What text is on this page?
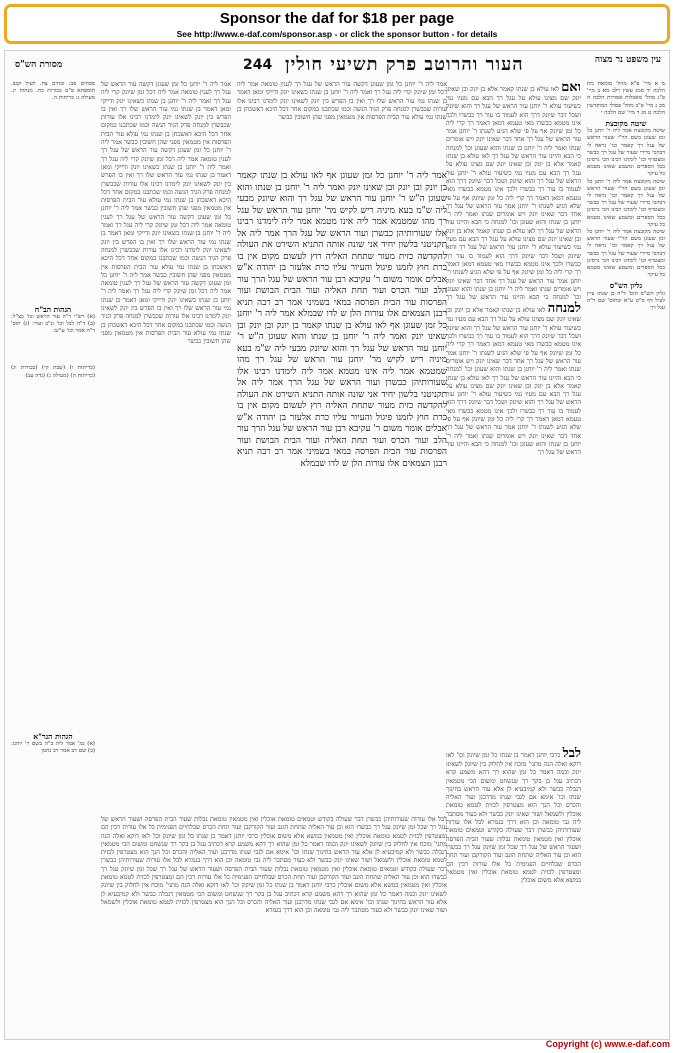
Sponsor the daf for $18 per page
See http://www.e-daf.com/sponsor.asp - or click the sponsor button - for details
עין משפט נר מצוה
244 העור והרוטב פרק תשיעי חולין
מסורת הש"ס
מ א מיי' פ"א מהל' טומאת מת הלכה יד סמג עשין רלב מא ב מיי' פ"ג מהל' מאכלות אסורות הלכה ה מב ג מיי' פ"ב מהל' פסולי המוקדשין הלכה ט מג ד מיי' שם הלכה י
שיטה מקובצת
שיטה מקובצת אמר ליה ר' יוחנן כל זמן שעוגן בשם הר"י שעור הראש של עגל רך קאמר וכו' נראה לי דבהכי מיירי שעור של עגל רך כבשר ומצטרף וכו' לימדנו רבינו הכי גרסינן בכל הספרים ומשמע שאינו מטמא כל עיקר
שיטה מקובצת אמר ליה ר' יוחנן כל זמן שעוגן בשם הר"י שעור הראש של עגל רך קאמר וכו' נראה לי דבהכי מיירי שעור של עגל רך כבשר ומצטרף וכו' לימדנו רבינו הכי גרסינן בכל הספרים ומשמע שאינו מטמא כל עיקר
שיטה מקובצת אמר ליה ר' יוחנן כל זמן שעוגן בשם הר"י שעור הראש של עגל רך קאמר וכו' נראה לי דבהכי מיירי שעור של עגל רך כבשר ומצטרף וכו' לימדנו רבינו הכי גרסינן בכל הספרים ומשמע שאינו מטמא כל עיקר
גליון הש"ס
גליון הש"ס תוס' ד"ה בן שנתו עיין לעיל דף ס"ט ע"א ובתוס' שם ד"ה עגל רך
ואם לאו עולא בן שנתו קאמר אלא בן יונק ובן שאינו יונק שם מצינו עולא על עגל רך הבא עם מעיו נמי כשיעור עולא ר' יוחנן עור הראש של עגל רך והוא שיונק ושכל דבר שיונק דרך הוא לעמוד בו עור רך כבשרו ולכך אינו מטמא כבשרו מאי טעמא דמאן דאמר רך קרי ליה כל זמן שיונק אף על פי שלא הגיע לשנתו ר' יוחנן אמר עור הראש של עגל רך אחד דבר שאינו יונק ויש אומרים שנתו ואמר ליה ר' יוחנן בן שנתו והוא שעוגן וכו' למנחה כי הבא והיינו עור הראש של עגל רך לאו עולא בן שנתו קאמר אלא בן יונק ובן שאינו יונק שם מצינו עולא על עגל רך הבא עם מעיו נמי כשיעור עולא ר' יוחנן עור הראש של עגל רך והוא שיונק ושכל דבר שיונק דרך הוא לעמוד בו עור רך כבשרו ולכך אינו מטמא כבשרו מאי טעמא דמאן דאמר רך קרי ליה כל זמן שיונק אף על פי שלא הגיע לשנתו ר' יוחנן אמר עור הראש של עגל רך אחד דבר שאינו יונק ויש אומרים שנתו ואמר ליה ר' יוחנן בן שנתו והוא שעוגן וכו' למנחה כי הבא והיינו עור הראש של עגל רך לאו עולא בן שנתו קאמר אלא בן יונק ובן שאינו יונק שם מצינו עולא על עגל רך הבא עם מעיו נמי כשיעור עולא ר' יוחנן עור הראש של עגל רך והוא שיונק ושכל דבר שיונק דרך הוא לעמוד בו עור רך כבשרו ולכך אינו מטמא כבשרו מאי טעמא דמאן דאמר רך קרי ליה כל זמן שיונק אף על פי שלא הגיע לשנתו ר' יוחנן אמר עור הראש של עגל רך אחד דבר שאינו יונק ויש אומרים שנתו ואמר ליה ר' יוחנן בן שנתו והוא שעוגן וכו' למנחה כי הבא והיינו עור הראש של עגל רך למנחה לאו עולא בן שנתו קאמר אלא בן יונק ובן שאינו יונק שם מצינו עולא על עגל רך הבא עם מעיו נמי כשיעור עולא ר' יוחנן עור הראש של עגל רך והוא שיונק ושכל דבר שיונק דרך הוא לעמוד בו עור רך כבשרו ולכך אינו מטמא כבשרו מאי טעמא דמאן דאמר רך קרי ליה כל זמן שיונק אף על פי שלא הגיע לשנתו ר' יוחנן אמר עור הראש של עגל רך אחד דבר שאינו יונק ויש אומרים שנתו ואמר ליה ר' יוחנן בן שנתו והוא שעוגן וכו' למנחה כי הבא והיינו עור הראש של עגל רך לאו עולא בן שנתו קאמר אלא בן יונק ובן שאינו יונק שם מצינו עולא על עגל רך הבא עם מעיו נמי כשיעור עולא ר' יוחנן עור הראש של עגל רך והוא שיונק ושכל דבר שיונק דרך הוא לעמוד בו עור רך כבשרו ולכך אינו מטמא כבשרו מאי טעמא דמאן דאמר רך קרי ליה כל זמן שיונק אף על פי שלא הגיע לשנתו ר' יוחנן אמר עור הראש של עגל רך אחד דבר שאינו יונק ויש אומרים שנתו ואמר ליה ר' יוחנן בן שנתו והוא שעוגן וכו' למנחה כי הבא והיינו עור הראש של עגל רך
אמר ליה ר' יוחנן כל זמן שעוגן אף לאו עולא בן שנתו קאמר בן יונק ובן יונק ובן שאינו יונק ואמר ליה ר' יוחנן בן שנתו והוא שעוגן ה"ש ר' יוחנן עור הראש של עגל רך והוא שיונק מבעי ליה ש"מ בעא מיניה ריש לקיש מר' יוחנן עור הראש של עגל רך מהו שמטמא אמר ליה אינו מטמא אמר ליה לימדנו רבינו אלו שעורותיהן כבשרן ועור הראש של עגל הרך אמר ליה אל תקניטני בלשון יחיד אני שונה אותה התניא השירט את העולה להקדשה כזית מעור שתחת האליה רוץ לעשום מקום אין בו כרת חוץ לזמנו פיגול והעיור עליו כרת אלעזר בן יהודה א"ש אבלים אומר משום ר' עקיבא רבן עור הראש של עגל הרך עור הלב ועור הכרס ועור תחת האליה ועור הבית הבושת ועור הפרסות עור הבית הפרסה במאי בשמיני אמר רב רבה תניא רבנן הצמאים אלו עורות הלן ש לדו שבמלא אמר ליה ר' יוחנן כל זמן שעוגן אף לאו עולא בן שנתו קאמר בן יונק ובן יונק ובן שאינו יונק ואמר ליה ר' יוחנן בן שנתו והוא שעוגן ה"ש ר' יוחנן עור הראש של עגל רך והוא שיונק מבעי ליה ש"מ בעא מיניה ריש לקיש מר' יוחנן עור הראש של עגל רך מהו שמטמא אמר ליה אינו מטמא אמר ליה לימדנו רבינו אלו שעורותיהן כבשרן ועור הראש של עגל הרך אמר ליה אל תקניטני בלשון יחיד אני שונה אותה התניא השירט את העולה להקדשה כזית מעור שתחת האליה רוץ לעשום מקום אין בו כרת חוץ לזמנו פיגול והעיור עליו כרת אלעזר בן יהודה א"ש אבלים אומר משום ר' עקיבא רבן עור הראש של עגל הרך עור הלב ועור הכרס ועור תחת האליה ועור הבית הבושת ועור הפרסות עור הבית הפרסה במאי בשמיני אמר רב רבה תניא רבנן הצמאים אלו עורות הלן ש לדו שבמלא
אמר ליה ר' יוחנן כל זמן שעוגן דקשה עור הראש של עגל רך לענין טומאה אמר ליה דכל זמן שיונק קרי ליה עגל רך ואמר ליה ר' יוחנן בן שנתו כשאינו יונק ודייקי ומאן דאמר בן שנתו נמי עור הראש שלו רך ואין בו הפרש בין יונק לשאינו יונק לימדנו רבינו אלו עורות שכבשרן למנחה פרק הגיד הנשה וכמו שכתבנו במקום אחר דכל היכא דאשכחן בן שנתו נמי עולא עור הבית הפרסות אין מטמאין מפני שהן חשובין כבשר
אמר ליה ר' יוחנן כל זמן שעוגן דקשה עור הראש של עגל רך לענין טומאה אמר ליה דכל זמן שיונק קרי ליה עגל רך ואמר ליה ר' יוחנן בן שנתו כשאינו יונק ודייקי ומאן דאמר בן שנתו נמי עור הראש שלו רך ואין בו הפרש בין יונק לשאינו יונק לימדנו רבינו אלו עורות שכבשרן למנחה פרק הגיד הנשה וכמו שכתבנו במקום אחר דכל היכא דאשכחן בן שנתו נמי עולא עור הבית הפרסות אין מטמאין מפני שהן חשובין כבשר אמר ליה ר' יוחנן כל זמן שעוגן דקשה עור הראש של עגל רך לענין טומאה אמר ליה דכל זמן שיונק קרי ליה עגל רך ואמר ליה ר' יוחנן בן שנתו כשאינו יונק ודייקי ומאן דאמר בן שנתו נמי עור הראש שלו רך ואין בו הפרש בין יונק לשאינו יונק לימדנו רבינו אלו עורות שכבשרן למנחה פרק הגיד הנשה וכמו שכתבנו במקום אחר דכל היכא דאשכחן בן שנתו נמי עולא עור הבית הפרסות אין מטמאין מפני שהן חשובין כבשר אמר ליה ר' יוחנן כל זמן שעוגן דקשה עור הראש של עגל רך לענין טומאה אמר ליה דכל זמן שיונק קרי ליה עגל רך ואמר ליה ר' יוחנן בן שנתו כשאינו יונק ודייקי ומאן דאמר בן שנתו נמי עור הראש שלו רך ואין בו הפרש בין יונק לשאינו יונק לימדנו רבינו אלו עורות שכבשרן למנחה פרק הגיד הנשה וכמו שכתבנו במקום אחר דכל היכא דאשכחן בן שנתו נמי עולא עור הבית הפרסות אין מטמאין מפני שהן חשובין כבשר אמר ליה ר' יוחנן כל זמן שעוגן דקשה עור הראש של עגל רך לענין טומאה אמר ליה דכל זמן שיונק קרי ליה עגל רך ואמר ליה ר' יוחנן בן שנתו כשאינו יונק ודייקי ומאן דאמר בן שנתו נמי עור הראש שלו רך ואין בו הפרש בין יונק לשאינו יונק לימדנו רבינו אלו עורות שכבשרן למנחה פרק הגיד הנשה וכמו שכתבנו במקום אחר דכל היכא דאשכחן בן שנתו נמי עולא עור הבית הפרסות אין מטמאין מפני שהן חשובין כבשר
לבל אלו עורות שעורותיהן כבשרן דבר שעולה בקודש וטמאים טומאת אוכלין ואין מטמאין טומאת נבלות שעור הבית הפרסה ושעור הראש של עגל רך שכל זמן שיונק עגל רך כבשרו הוא וכן עור האליה שתחת הזנב ועור הקורקבן ועור תחת הכרס שבלחיים הפנימית כל אלו עורות רכין הם ומצטרפין לכזית לטמא טומאת אוכלין ואין מטמאין במשא אלא משום אוכלין כרבי יוחנן דאמר בן שנתו כל זמן שיונק וכו' לאו דוקא ואלה הנה מתני' מוכח אין לחלוק בין שיונק לשאינו יונק וכמה דאמר כל זמן שהוא רך דהא משמע קרא דכתיב עגל בן בקר רך שנשחט ומשום הכי מטמאין דנבלה כבשר ולא קמיבעיא לן אלא עור הראש בחינוך שנתו וכו' אימא אם לגבי שנתו מדרבנן ועור האליה והכרס וכל הנך הוא מצטרפין לכזית לטמא טומאת אוכלין ולשמאל ושור שאינו יונק כבשר ולא כעור מסתבר ליה גבי טומאה וכן הוא דרך בגמרא לבל אלו עורות שעורותיהן כבשרן דבר שעולה בקודש וטמאים טומאת אוכלין ואין מטמאין טומאת נבלות שעור הבית הפרסה ושעור הראש של עגל רך שכל זמן שיונק עגל רך כבשרו הוא וכן עור האליה שתחת הזנב ועור הקורקבן ועור תחת הכרס שבלחיים הפנימית כל אלו עורות רכין הם ומצטרפין לכזית לטמא טומאת אוכלין ואין מטמאין במשא אלא משום אוכלין כרבי יוחנן דאמר בן שנתו כל זמן שיונק וכו' לאו דוקא ואלה הנה מתני' מוכח אין לחלוק בין שיונק לשאינו יונק וכמה דאמר כל זמן שהוא רך דהא משמע קרא דכתיב עגל בן בקר רך שנשחט ומשום הכי מטמאין דנבלה כבשר ולא קמיבעיא לן אלא עור הראש בחינוך שנתו וכו' אימא אם לגבי שנתו מדרבנן ועור האליה והכרס וכל הנך הוא מצטרפין לכזית לטמא טומאת אוכלין ולשמאל ושור שאינו יונק כבשר ולא כעור מסתבר ליה גבי טומאה וכן הוא דרך בגמרא
לבל כרבי יוחנן דאמר בן שנתו כל זמן שיונק וכו' לאו דוקא ואלה הנה מתני' מוכח אין לחלוק בין שיונק לשאינו יונק וכמה דאמר כל זמן שהוא רך דהא משמע קרא דכתיב עגל בן בקר רך שנשחט ומשום הכי מטמאין דנבלה כבשר ולא קמיבעיא לן אלא עור הראש בחינוך שנתו וכו' אימא אם לגבי שנתו מדרבנן ועור האליה והכרס וכל הנך הוא מצטרפין לכזית לטמא טומאת אוכלין ולשמאל ושור שאינו יונק כבשר ולא כעור מסתבר ליה גבי טומאה וכן הוא דרך בגמרא לבל אלו עורות שעורותיהן כבשרן דבר שעולה בקודש וטמאים טומאת אוכלין ואין מטמאין טומאת נבלות שעור הבית הפרסה ושעור הראש של עגל רך שכל זמן שיונק עגל רך כבשרו הוא וכן עור האליה שתחת הזנב ועור הקורקבן ועור תחת הכרס שבלחיים הפנימית כל אלו עורות רכין הם ומצטרפין לכזית לטמא טומאת אוכלין ואין מטמאין במשא אלא משום אוכלין
פסחים פב: זבחים צח. לעיל קכב. תוספתא פ"ט בכורות כח. מנחות יג. מעילה ג: כריתות ה.
הגהות הב"ח
(א) רש"י ד"ה עור הראש וכו' כצ"ל: (ב) ד"ה לבל וכו' ונ"ב ועור: (ג) תוס' ד"ה אמר וכו' ע"ש:
(כריתות ו) (שבת קי) (בכורות יג) (כריתות ה) (מעילה ג) (נדה עב)
הגהות הגר"א
(א) גמ' אמר ליה כ"ה בשם ר' יוחנן: (ב) שם רב אמר רב נחמן
Copyright (c) www.e-daf.com
